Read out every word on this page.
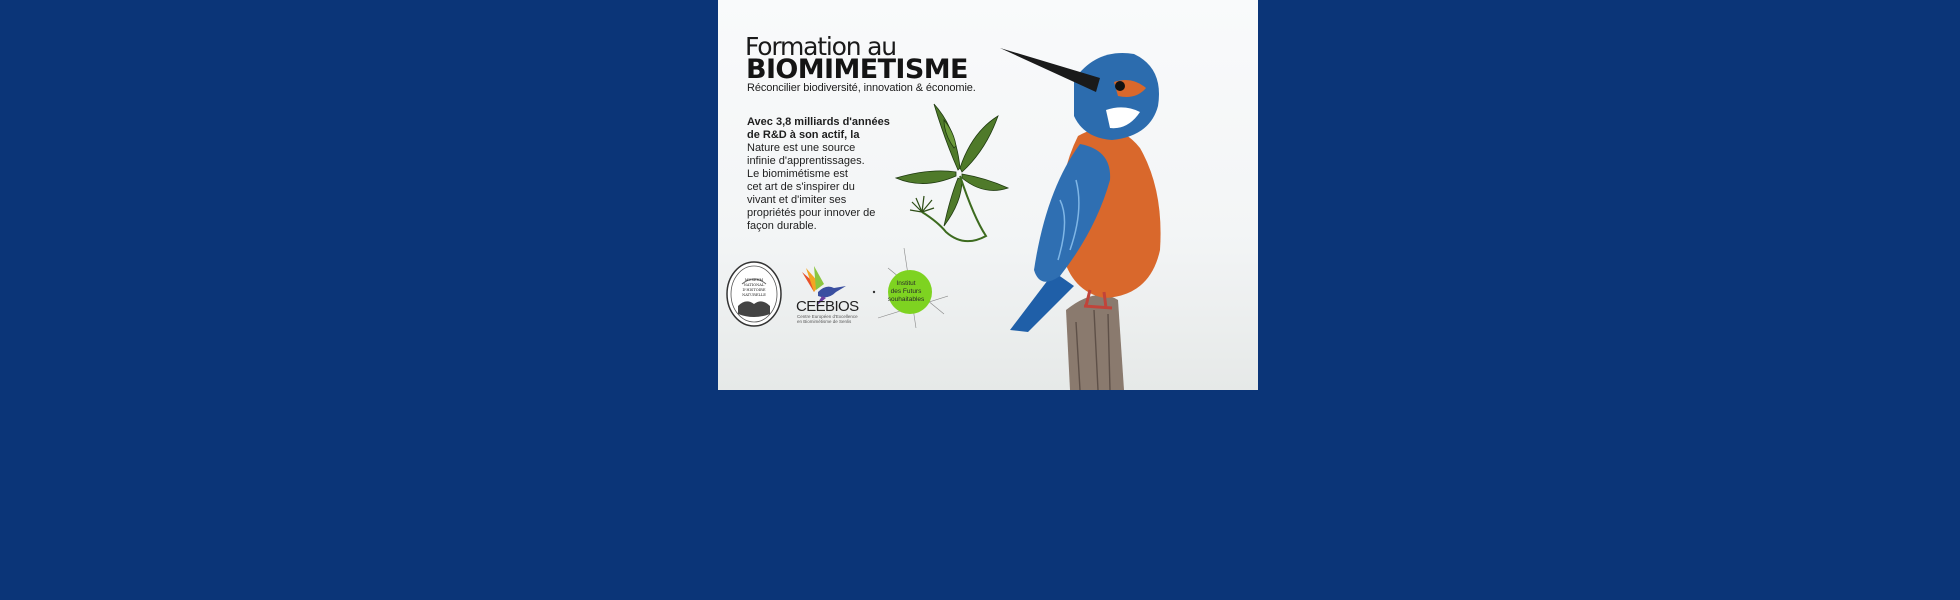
Formation au
BIOMIMETISME
Réconcilier biodiversité, innovation & économie.
Avec 3,8 milliards d'années
de R&D à son actif, la
Nature est une source
infinie d'apprentissages.
Le biomimétisme est
cet art de s'inspirer du
vivant et d'imiter ses
propriétés pour innover de
façon durable.
MUSEUM
NATIONAL
D'HISTOIRE
NATURELLE
CEEBIOS
Centre Européen d'Excellence en Biomimétisme de Senlis
Institut
des Futurs
souhaitables
